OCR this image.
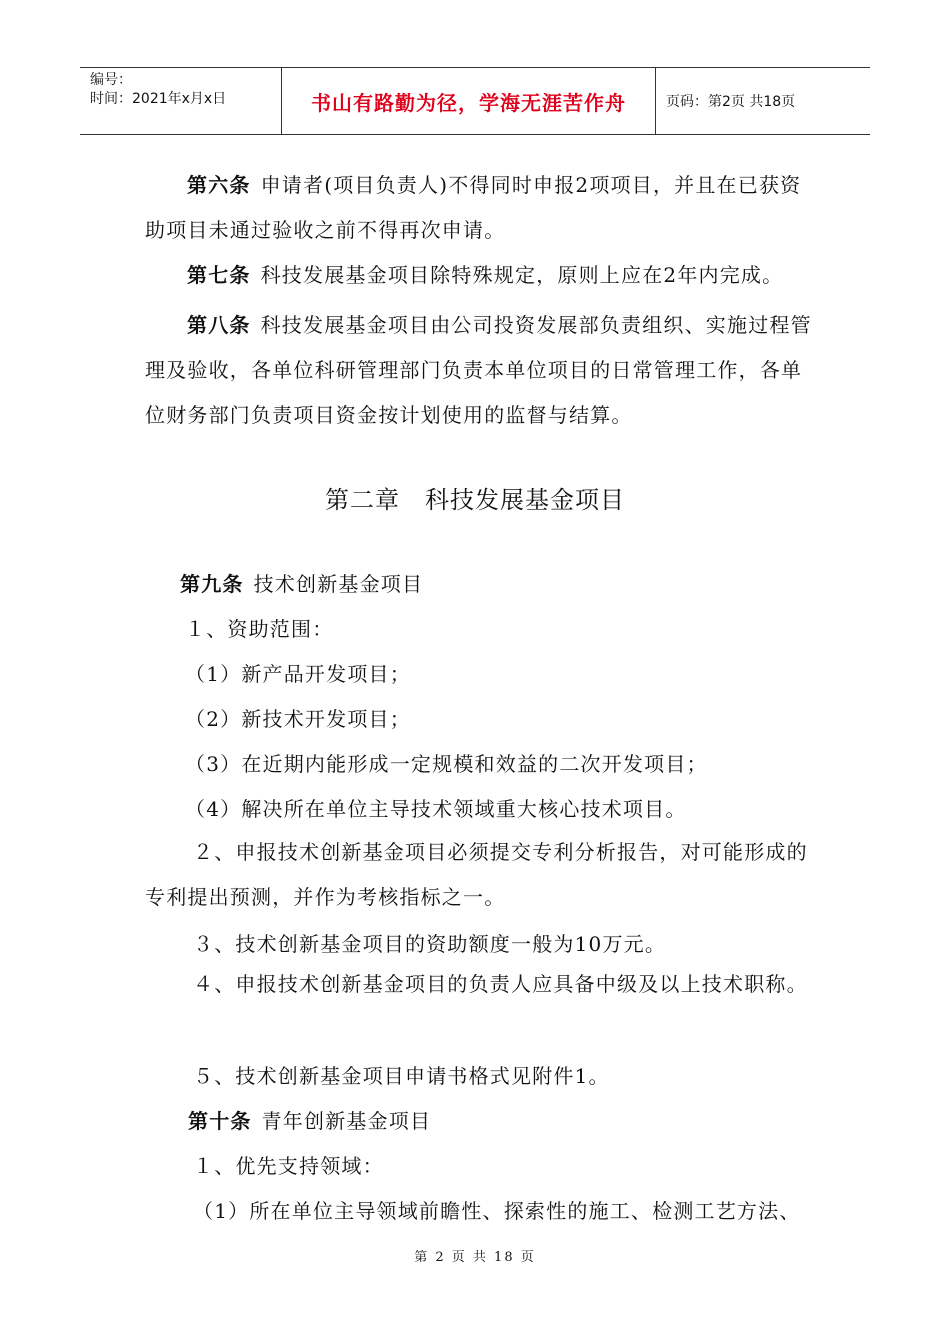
编号：
时间：2021年x月x日	书山有路勤为径，学海无涯苦作舟	页码：第2页 共18页
第六条 申请者(项目负责人)不得同时申报2项项目，并且在已获资助项目未通过验收之前不得再次申请。
第七条 科技发展基金项目除特殊规定，原则上应在2年内完成。
第八条 科技发展基金项目由公司投资发展部负责组织、实施过程管理及验收，各单位科研管理部门负责本单位项目的日常管理工作，各单位财务部门负责项目资金按计划使用的监督与结算。
第二章　科技发展基金项目
第九条 技术创新基金项目
１、资助范围：
（1）新产品开发项目；
（2）新技术开发项目；
（3）在近期内能形成一定规模和效益的二次开发项目；
（4）解决所在单位主导技术领域重大核心技术项目。
２、申报技术创新基金项目必须提交专利分析报告，对可能形成的专利提出预测，并作为考核指标之一。
３、技术创新基金项目的资助额度一般为10万元。
４、申报技术创新基金项目的负责人应具备中级及以上技术职称。
５、技术创新基金项目申请书格式见附件1。
第十条 青年创新基金项目
１、优先支持领域：
（1）所在单位主导领域前瞻性、探索性的施工、检测工艺方法、
第 2 页 共 18 页
